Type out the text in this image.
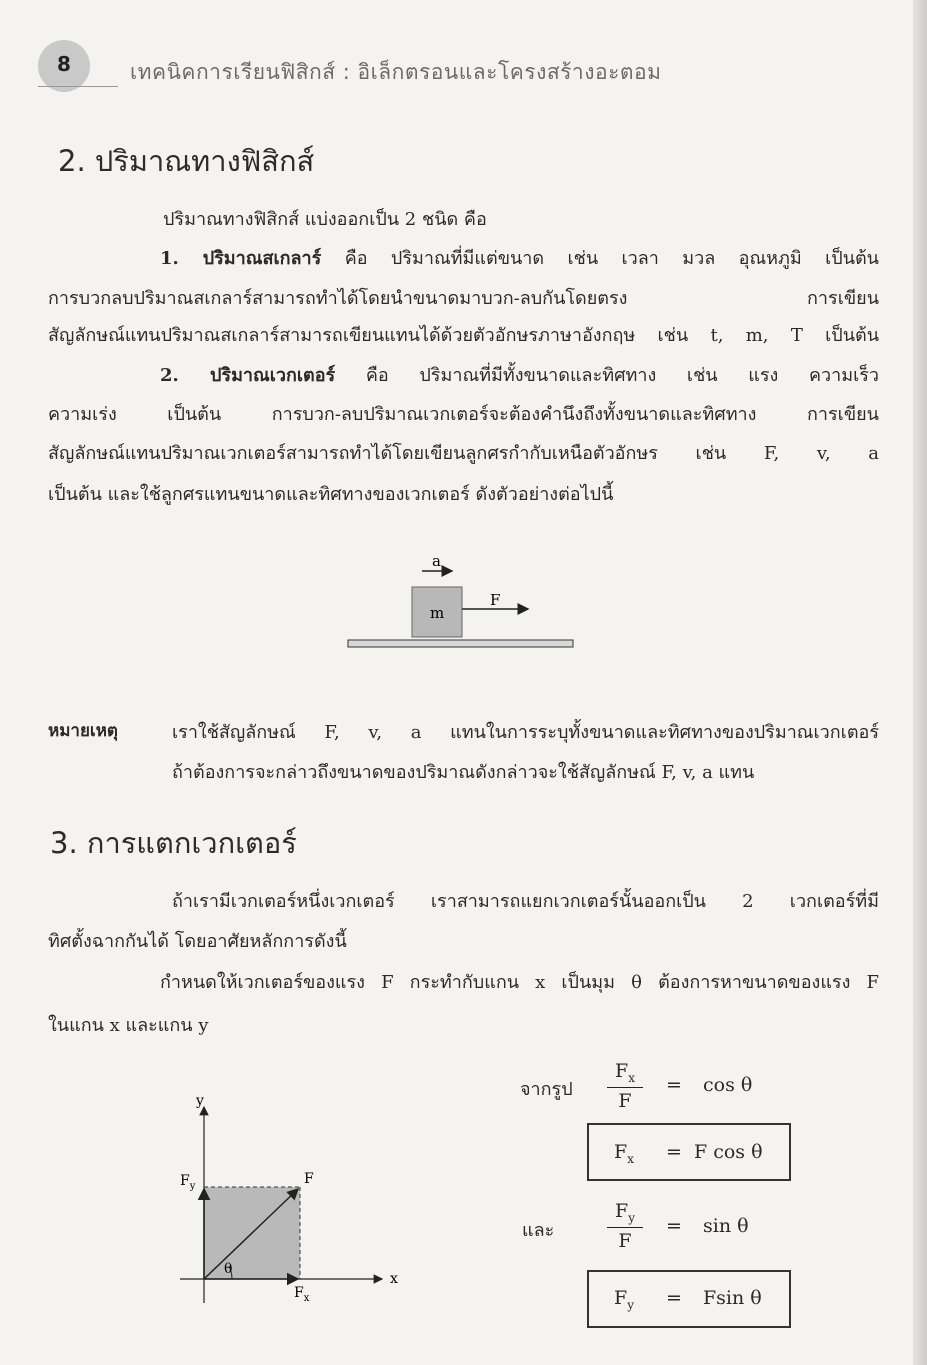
8	เทคนิคการเรียนฟิสิกส์ : อิเล็กตรอนและโครงสร้างอะตอม
2. ปริมาณทางฟิสิกส์
ปริมาณทางฟิสิกส์ แบ่งออกเป็น 2 ชนิด คือ
1. ปริมาณสเกลาร์ คือ ปริมาณที่มีแต่ขนาด เช่น เวลา มวล อุณหภูมิ เป็นต้น
การบวกลบปริมาณสเกลาร์สามารถทำได้โดยนำขนาดมาบวก-ลบกันโดยตรง การเขียน
สัญลักษณ์แทนปริมาณสเกลาร์สามารถเขียนแทนได้ด้วยตัวอักษรภาษาอังกฤษ เช่น t, m, T เป็นต้น
2. ปริมาณเวกเตอร์ คือ ปริมาณที่มีทั้งขนาดและทิศทาง เช่น แรง ความเร็ว
ความเร่ง เป็นต้น การบวก-ลบปริมาณเวกเตอร์จะต้องคำนึงถึงทั้งขนาดและทิศทาง การเขียน
สัญลักษณ์แทนปริมาณเวกเตอร์สามารถทำได้โดยเขียนลูกศรกำกับเหนือตัวอักษร เช่น F, v, a
เป็นต้น และใช้ลูกศรแทนขนาดและทิศทางของเวกเตอร์ ดังตัวอย่างต่อไปนี้
a
m
F
หมายเหตุ	เราใช้สัญลักษณ์ F, v, a แทนในการระบุทั้งขนาดและทิศทางของปริมาณเวกเตอร์
ถ้าต้องการจะกล่าวถึงขนาดของปริมาณดังกล่าวจะใช้สัญลักษณ์ F, v, a แทน
3. การแตกเวกเตอร์
ถ้าเรามีเวกเตอร์หนึ่งเวกเตอร์ เราสามารถแยกเวกเตอร์นั้นออกเป็น 2 เวกเตอร์ที่มี
ทิศตั้งฉากกันได้ โดยอาศัยหลักการดังนี้
กำหนดให้เวกเตอร์ของแรง F กระทำกับแกน x เป็นมุม θ ต้องการหาขนาดของแรง F
ในแกน x และแกน y
y
x
$F_y$	F
$F_x$
θ
จากรูป $\frac{F_x}{F} = \cos \theta$
$F_x = F$ cos θ
และ	$\frac{F_y}{F} = \sin \theta$
$F_y = Fsin$ θ
